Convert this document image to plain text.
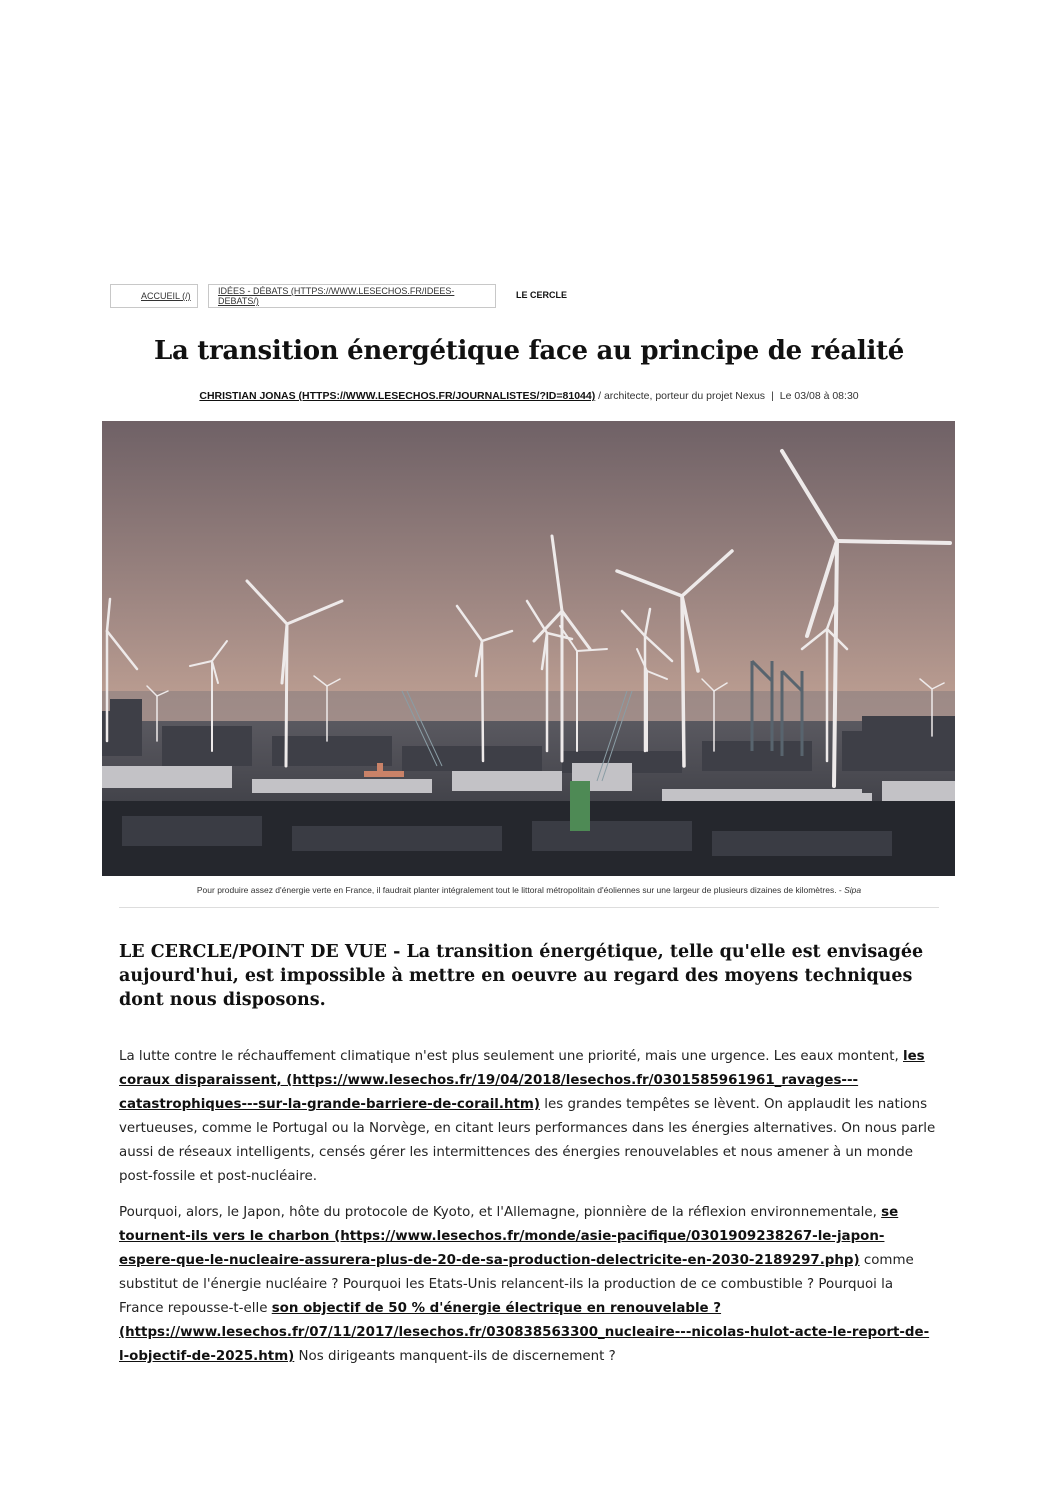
ACCUEIL (/)	IDÉES - DÉBATS (HTTPS://WWW.LESECHOS.FR/IDEES-DEBATS/)
LE CERCLE
La transition énergétique face au principe de réalité
CHRISTIAN JONAS (HTTPS://WWW.LESECHOS.FR/JOURNALISTES/?ID=81044) / architecte, porteur du projet Nexus | Le 03/08 à 08:30
Pour produire assez d'énergie verte en France, il faudrait planter intégralement tout le littoral métropolitain d'éoliennes sur une largeur de plusieurs dizaines de kilomètres. - Sipa
LE CERCLE/POINT DE VUE - La transition énergétique, telle qu'elle est envisagée aujourd'hui, est impossible à mettre en oeuvre au regard des moyens techniques dont nous disposons.

La lutte contre le réchauffement climatique n'est plus seulement une priorité, mais une urgence. Les eaux montent, les coraux disparaissent, (https://www.lesechos.fr/19/04/2018/lesechos.fr/0301585961961_ravages---catastrophiques---sur-la-grande-barriere-de-corail.htm) les grandes tempêtes se lèvent. On applaudit les nations vertueuses, comme le Portugal ou la Norvège, en citant leurs performances dans les énergies alternatives. On nous parle aussi de réseaux intelligents, censés gérer les intermittences des énergies renouvelables et nous amener à un monde post-fossile et post-nucléaire.

Pourquoi, alors, le Japon, hôte du protocole de Kyoto, et l'Allemagne, pionnière de la réflexion environnementale, se tournent-ils vers le charbon (https://www.lesechos.fr/monde/asie-pacifique/0301909238267-le-japon-espere-que-le-nucleaire-assurera-plus-de-20-de-sa-production-delectricite-en-2030-2189297.php) comme substitut de l'énergie nucléaire ? Pourquoi les Etats-Unis relancent-ils la production de ce combustible ? Pourquoi la France repousse-t-elle son objectif de 50 % d'énergie électrique en renouvelable ? (https://www.lesechos.fr/07/11/2017/lesechos.fr/030838563300_nucleaire---nicolas-hulot-acte-le-report-de-l-objectif-de-2025.htm) Nos dirigeants manquent-ils de discernement ?
